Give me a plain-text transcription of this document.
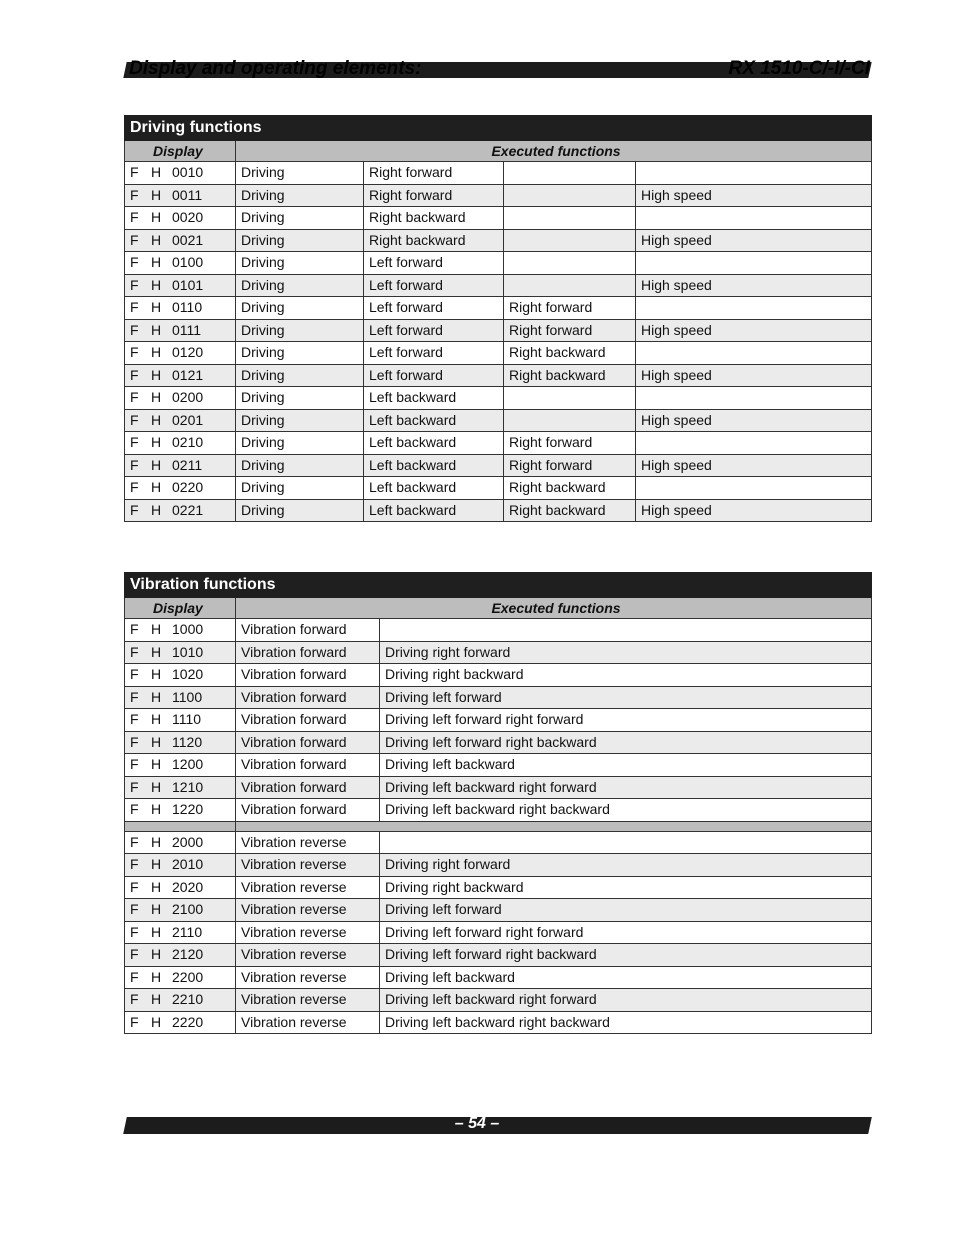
Display and operating elements:	RX 1510-C/-I/-CI
Driving functions				
Display	Executed functions			
F H 0010	Driving	Right forward		
F H 0011	Driving	Right forward		High speed
F H 0020	Driving	Right backward		
F H 0021	Driving	Right backward		High speed
F H 0100	Driving	Left forward		
F H 0101	Driving	Left forward		High speed
F H 0110	Driving	Left forward	Right forward	
F H 0111	Driving	Left forward	Right forward	High speed
F H 0120	Driving	Left forward	Right backward	
F H 0121	Driving	Left forward	Right backward	High speed
F H 0200	Driving	Left backward		
F H 0201	Driving	Left backward		High speed
F H 0210	Driving	Left backward	Right forward	
F H 0211	Driving	Left backward	Right forward	High speed
F H 0220	Driving	Left backward	Right backward	
F H 0221	Driving	Left backward	Right backward	High speed
Vibration functions		
Display	Executed functions	
F H 1000	Vibration forward	
F H 1010	Vibration forward	Driving right forward
F H 1020	Vibration forward	Driving right backward
F H 1100	Vibration forward	Driving left forward
F H 1110	Vibration forward	Driving left forward right forward
F H 1120	Vibration forward	Driving left forward right backward
F H 1200	Vibration forward	Driving left backward
F H 1210	Vibration forward	Driving left backward right forward
F H 1220	Vibration forward	Driving left backward right backward

F H 2000	Vibration reverse	
F H 2010	Vibration reverse	Driving right forward
F H 2020	Vibration reverse	Driving right backward
F H 2100	Vibration reverse	Driving left forward
F H 2110	Vibration reverse	Driving left forward right forward
F H 2120	Vibration reverse	Driving left forward right backward
F H 2200	Vibration reverse	Driving left backward
F H 2210	Vibration reverse	Driving left backward right forward
F H 2220	Vibration reverse	Driving left backward right backward
– 54 –
